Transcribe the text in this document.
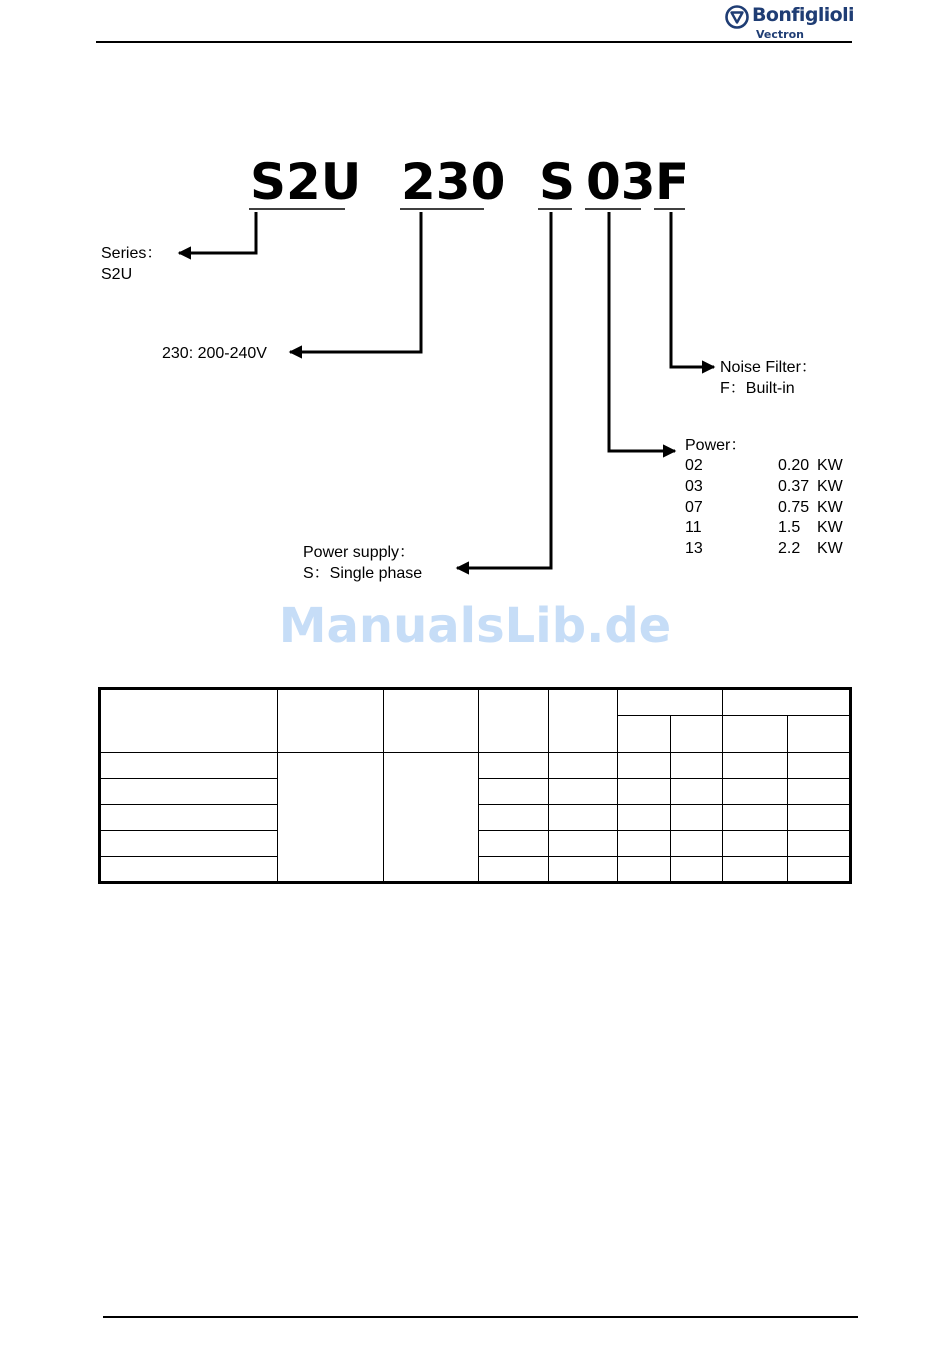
Bonfiglioli
Vectron
S2U 230 S 03 F
Series：
S2U
230: 200-240V
Noise Filter：
F：Built-in
Power：
02	0.20 KW
03	0.37 KW
07	0.75 KW
11	1.5 KW
13	2.2 KW
Power supply：
S：Single phase
ManualsLib.de
